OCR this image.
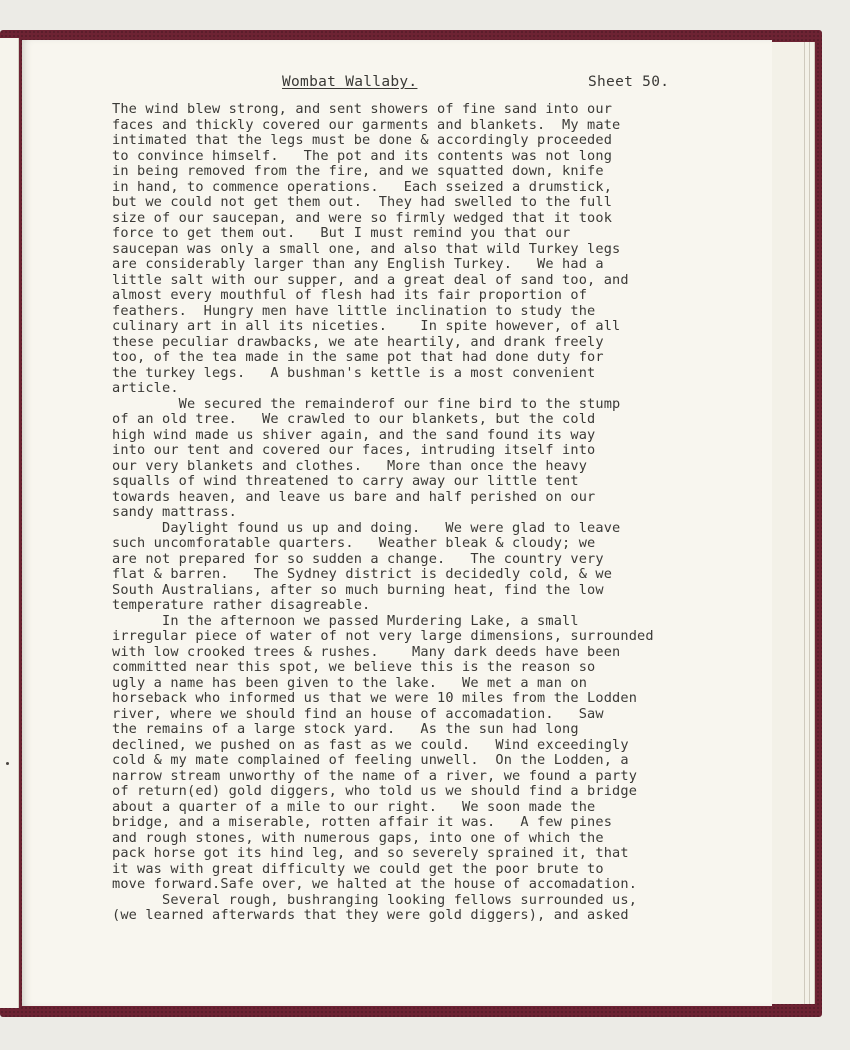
Wombat Wallaby.	Sheet 50.
The wind blew strong, and sent showers of fine sand into our
faces and thickly covered our garments and blankets.  My mate
intimated that the legs must be done & accordingly proceeded
to convince himself.   The pot and its contents was not long
in being removed from the fire, and we squatted down, knife
in hand, to commence operations.   Each sseized a drumstick,
but we could not get them out.  They had swelled to the full
size of our saucepan, and were so firmly wedged that it took
force to get them out.   But I must remind you that our
saucepan was only a small one, and also that wild Turkey legs
are considerably larger than any English Turkey.   We had a
little salt with our supper, and a great deal of sand too, and
almost every mouthful of flesh had its fair proportion of
feathers.  Hungry men have little inclination to study the
culinary art in all its niceties.    In spite however, of all
these peculiar drawbacks, we ate heartily, and drank freely
too, of the tea made in the same pot that had done duty for
the turkey legs.   A bushman's kettle is a most convenient
article.
We secured the remainderof our fine bird to the stump
of an old tree.   We crawled to our blankets, but the cold
high wind made us shiver again, and the sand found its way
into our tent and covered our faces, intruding itself into
our very blankets and clothes.   More than once the heavy
squalls of wind threatened to carry away our little tent
towards heaven, and leave us bare and half perished on our
sandy mattrass.
Daylight found us up and doing.   We were glad to leave
such uncomforatable quarters.   Weather bleak & cloudy; we
are not prepared for so sudden a change.   The country very
flat & barren.   The Sydney district is decidedly cold, & we
South Australians, after so much burning heat, find the low
temperature rather disagreable.
In the afternoon we passed Murdering Lake, a small
irregular piece of water of not very large dimensions, surrounded
with low crooked trees & rushes.    Many dark deeds have been
committed near this spot, we believe this is the reason so
ugly a name has been given to the lake.   We met a man on
horseback who informed us that we were 10 miles from the Lodden
river, where we should find an house of accomadation.   Saw
the remains of a large stock yard.   As the sun had long
declined, we pushed on as fast as we could.   Wind exceedingly
cold & my mate complained of feeling unwell.  On the Lodden, a
narrow stream unworthy of the name of a river, we found a party
of return(ed) gold diggers, who told us we should find a bridge
about a quarter of a mile to our right.   We soon made the
bridge, and a miserable, rotten affair it was.   A few pines
and rough stones, with numerous gaps, into one of which the
pack horse got its hind leg, and so severely sprained it, that
it was with great difficulty we could get the poor brute to
move forward.Safe over, we halted at the house of accomadation.
Several rough, bushranging looking fellows surrounded us,
(we learned afterwards that they were gold diggers), and asked
